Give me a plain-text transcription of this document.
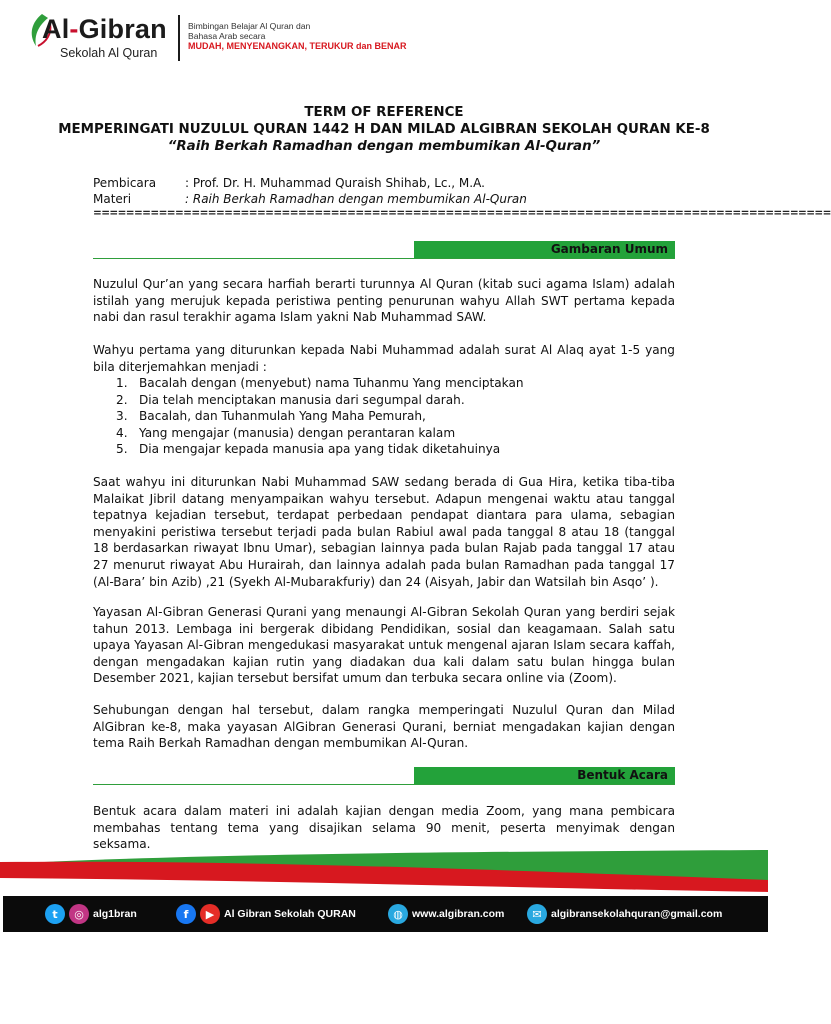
Al-Gibran
Sekolah Al Quran
Bimbingan Belajar Al Quran dan
Bahasa Arab secara
MUDAH, MENYENANGKAN, TERUKUR dan BENAR
TERM OF REFERENCE
MEMPERINGATI NUZULUL QURAN 1442 H DAN MILAD ALGIBRAN SEKOLAH QURAN KE-8
“Raih Berkah Ramadhan dengan membumikan Al-Quran”
Pembicara : Prof. Dr. H. Muhammad Quraish Shihab, Lc., M.A.
Materi	: Raih Berkah Ramadhan dengan membumikan Al-Quran
==========================================================================================
Gambaran Umum

Nuzulul Qur’an yang secara harfiah berarti turunnya Al Quran (kitab suci agama Islam) adalah istilah yang merujuk kepada peristiwa penting penurunan wahyu Allah SWT pertama kepada nabi dan rasul terakhir agama Islam yakni Nab Muhammad SAW.

Wahyu pertama yang diturunkan kepada Nabi Muhammad adalah surat Al Alaq ayat 1-5 yang bila diterjemahkan menjadi :

1. Bacalah dengan (menyebut) nama Tuhanmu Yang menciptakan
2. Dia telah menciptakan manusia dari segumpal darah.
3. Bacalah, dan Tuhanmulah Yang Maha Pemurah,
4. Yang mengajar (manusia) dengan perantaran kalam
5. Dia mengajar kepada manusia apa yang tidak diketahuinya

Saat wahyu ini diturunkan Nabi Muhammad SAW sedang berada di Gua Hira, ketika tiba-tiba Malaikat Jibril datang menyampaikan wahyu tersebut. Adapun mengenai waktu atau tanggal tepatnya kejadian tersebut, terdapat perbedaan pendapat diantara para ulama, sebagian menyakini peristiwa tersebut terjadi pada bulan Rabiul awal pada tanggal 8 atau 18 (tanggal 18 berdasarkan riwayat Ibnu Umar), sebagian lainnya pada bulan Rajab pada tanggal 17 atau 27 menurut riwayat Abu Hurairah, dan lainnya adalah pada bulan Ramadhan pada tanggal 17 (Al-Bara’ bin Azib) ,21 (Syekh Al-Mubarakfuriy) dan 24 (Aisyah, Jabir dan Watsilah bin Asqo’ ).

Yayasan Al-Gibran Generasi Qurani yang menaungi Al-Gibran Sekolah Quran yang berdiri sejak tahun 2013. Lembaga ini bergerak dibidang Pendidikan, sosial dan keagamaan. Salah satu upaya Yayasan Al-Gibran mengedukasi masyarakat untuk mengenal ajaran Islam secara kaffah, dengan mengadakan kajian rutin yang diadakan dua kali dalam satu bulan hingga bulan Desember 2021, kajian tersebut bersifat umum dan terbuka secara online via (Zoom).

Sehubungan dengan hal tersebut, dalam rangka memperingati Nuzulul Quran dan Milad AlGibran ke-8, maka yayasan AlGibran Generasi Qurani, berniat mengadakan kajian dengan tema Raih Berkah Ramadhan dengan membumikan Al-Quran.

Bentuk Acara

Bentuk acara dalam materi ini adalah kajian dengan media Zoom, yang mana pembicara membahas tentang tema yang disajikan selama 90 menit, peserta menyimak dengan seksama.

t	◎ alg1bran	f	▶ Al Gibran Sekolah QURAN	◍ www.algibran.com	✉ algibransekolahquran@gmail.com
